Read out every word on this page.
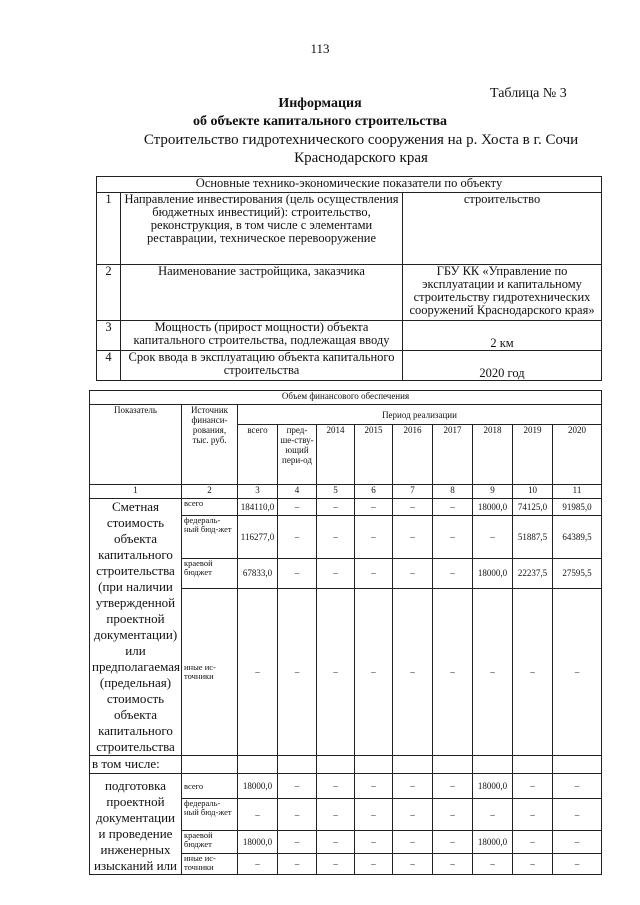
113
Таблица № 3
Информация
об объекте капитального строительства
Строительство гидротехнического сооружения на р. Хоста в г. Сочи
Краснодарского края
Основные технико-экономические показатели по объекту		
1	Направление инвестирования (цель осуществления бюджетных инвестиций): строительство, реконструкция, в том числе с элементами реставрации, техническое перевооружение	строительство
2	Наименование застройщика, заказчика	ГБУ КК «Управление по эксплуатации и капитальному строительству гидротехнических сооружений Краснодарского края»
3	Мощность (прирост мощности) объекта капитального строительства, подлежащая вводу	2 км
4	Срок ввода в эксплуатацию объекта капитального строительства	2020 год
Объем финансового обеспечения										
Показатель	Источник финанси-рования, тыс. руб.	Период реализации								
		всего	пред-ше-ству-ющий пери-од	2014	2015	2016	2017	2018	2019	2020
1	2	3	4	5	6	7	8	9	10	11
Сметная стоимость объекта капитального строительства (при наличии утвержденной проектной документации) или предполагаемая (предельная) стоимость объекта капитального строительства	всего	184110,0	–	–	–	–	–	18000,0	74125,0	91985,0
	федераль-ный бюд-жет	116277,0	–	–	–	–	–	–	51887,5	64389,5
	краевой бюджет	67833,0	–	–	–	–	–	18000,0	22237,5	27595,5
	иные ис-точники	–	–	–	–	–	–	–	–	–
в том числе:										
подготовка проектной документации и проведение инженерных изысканий или	всего	18000,0	–	–	–	–	–	18000,0	–	–
	федераль-ный бюд-жет	–	–	–	–	–	–	–	–	–
	краевой бюджет	18000,0	–	–	–	–	–	18000,0	–	–
	иные ис-точники	–	–	–	–	–	–	–	–	–
